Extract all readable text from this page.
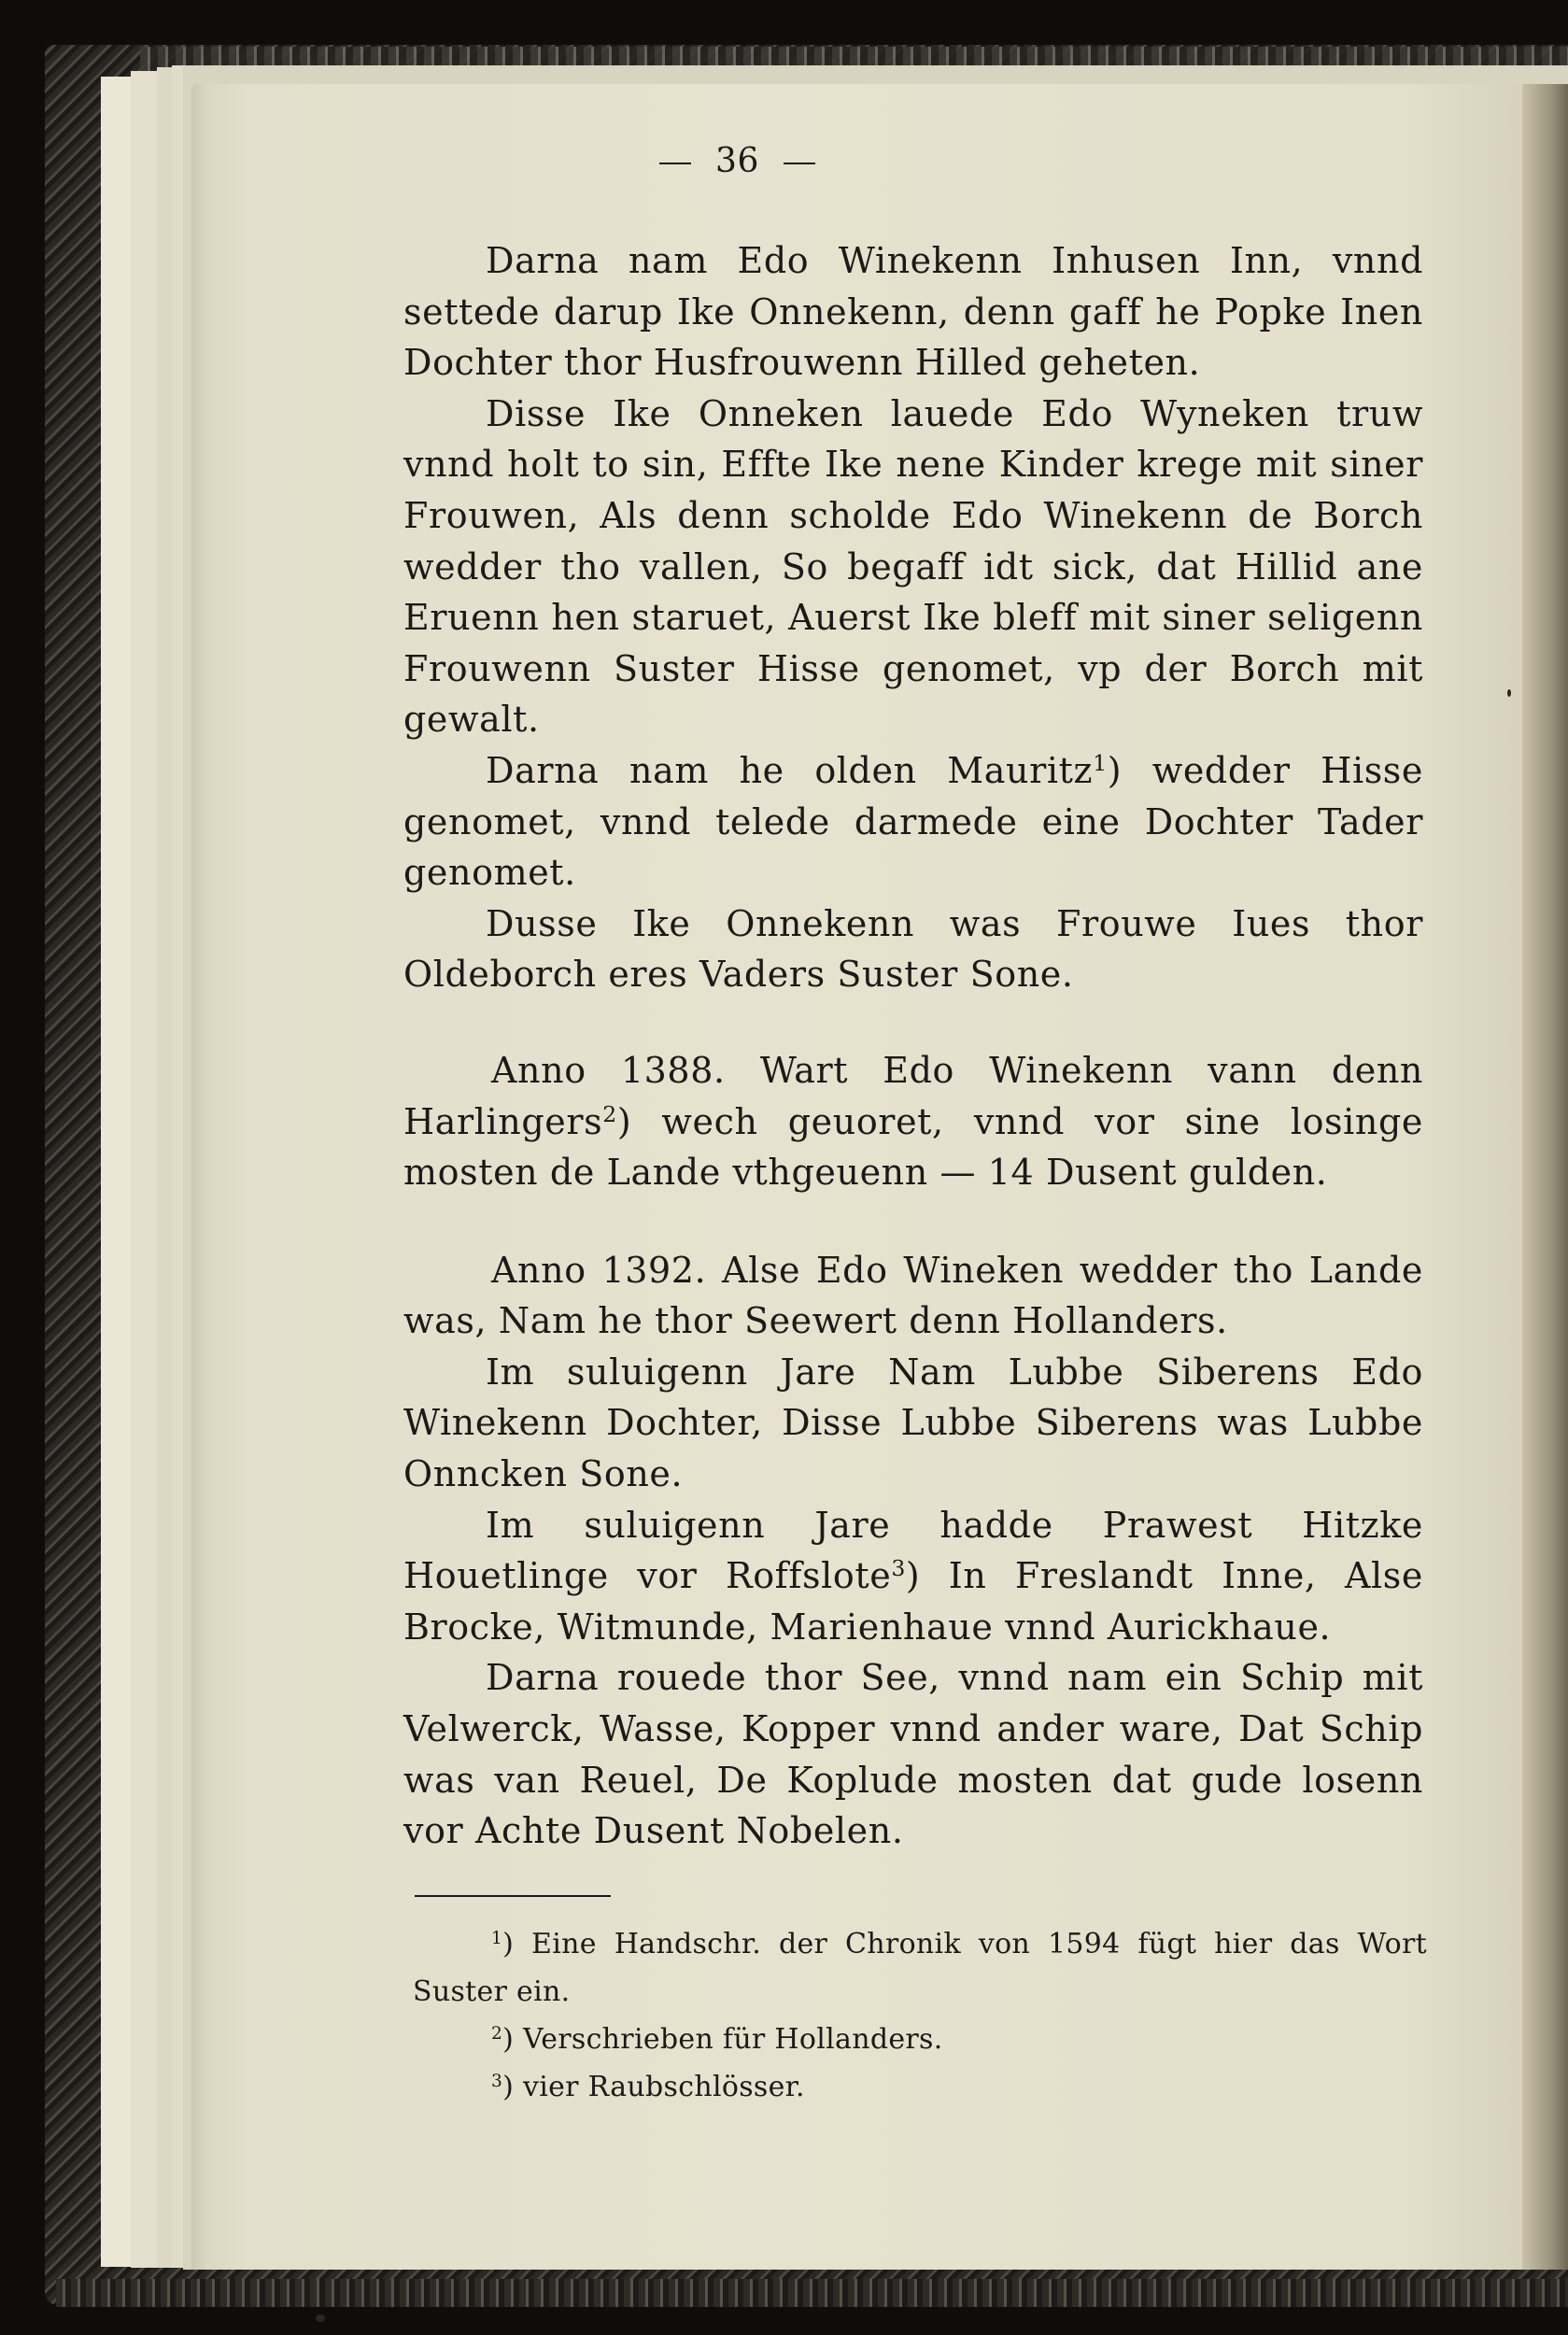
36

Darna nam Edo Winekenn Inhusen Inn, vnnd settede darup Ike Onnekenn, denn gaff he Popke Inen Dochter thor Husfrouwenn Hilled geheten.

Disse Ike Onneken lauede Edo Wyneken truw vnnd holt to sin, Effte Ike nene Kinder krege mit siner Frouwen, Als denn scholde Edo Winekenn de Borch wedder tho vallen, So begaff idt sick, dat Hillid ane Eruenn hen staruet, Auerst Ike bleff mit siner seligenn Frouwenn Suster Hisse genomet, vp der Borch mit gewalt.

Darna nam he olden Mauritz$^1$) wedder Hisse genomet, vnnd telede darmede eine Dochter Tader genomet.

Dusse Ike Onnekenn was Frouwe Iues thor Oldeborch eres Vaders Suster Sone.

Anno 1388. Wart Edo Winekenn vann denn Harlingers$^2$) wech geuoret, vnnd vor sine losinge mosten de Lande vthgeuenn — 14 Dusent gulden.

Anno 1392. Alse Edo Wineken wedder tho Lande was, Nam he thor Seewert denn Hollanders.

Im suluigenn Jare Nam Lubbe Siberens Edo Winekenn Dochter, Disse Lubbe Siberens was Lubbe Onncken Sone.

Im suluigenn Jare hadde Prawest Hitzke Houetlinge vor Roffslote$^3$) In Freslandt Inne, Alse Brocke, Witmunde, Marienhaue vnnd Aurickhaue.

Darna rouede thor See, vnnd nam ein Schip mit Velwerck, Wasse, Kopper vnnd ander ware, Dat Schip was van Reuel, De Koplude mosten dat gude losenn vor Achte Dusent Nobelen.

$^1$) Eine Handschr. der Chronik von 1594 fügt hier das Wort Suster ein.

$^2$) Verschrieben für Hollanders.

$^3$) vier Raubschlösser.
